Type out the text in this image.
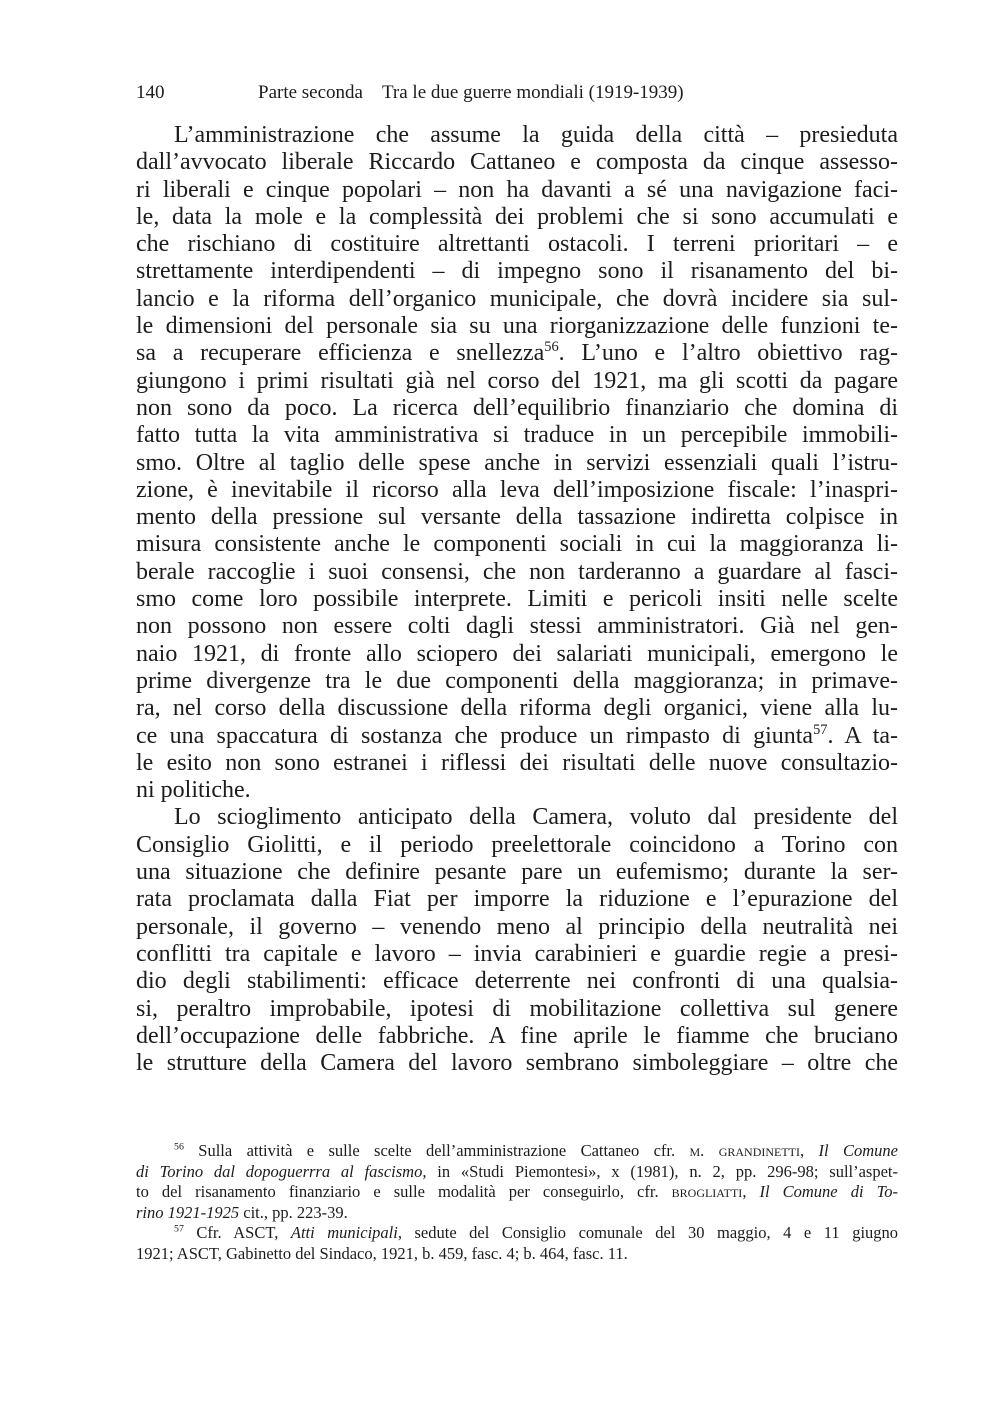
140	Parte seconda Tra le due guerre mondiali (1919-1939)
L’amministrazione che assume la guida della città – presieduta
dall’avvocato liberale Riccardo Cattaneo e composta da cinque assesso-
ri liberali e cinque popolari – non ha davanti a sé una navigazione faci-
le, data la mole e la complessità dei problemi che si sono accumulati e
che rischiano di costituire altrettanti ostacoli. I terreni prioritari – e
strettamente interdipendenti – di impegno sono il risanamento del bi-
lancio e la riforma dell’organico municipale, che dovrà incidere sia sul-
le dimensioni del personale sia su una riorganizzazione delle funzioni te-
sa a recuperare efficienza e snellezza$^{56}$. L’uno e l’altro obiettivo rag-
giungono i primi risultati già nel corso del 1921, ma gli scotti da pagare
non sono da poco. La ricerca dell’equilibrio finanziario che domina di
fatto tutta la vita amministrativa si traduce in un percepibile immobili-
smo. Oltre al taglio delle spese anche in servizi essenziali quali l’istru-
zione, è inevitabile il ricorso alla leva dell’imposizione fiscale: l’inaspri-
mento della pressione sul versante della tassazione indiretta colpisce in
misura consistente anche le componenti sociali in cui la maggioranza li-
berale raccoglie i suoi consensi, che non tarderanno a guardare al fasci-
smo come loro possibile interprete. Limiti e pericoli insiti nelle scelte
non possono non essere colti dagli stessi amministratori. Già nel gen-
naio 1921, di fronte allo sciopero dei salariati municipali, emergono le
prime divergenze tra le due componenti della maggioranza; in primave-
ra, nel corso della discussione della riforma degli organici, viene alla lu-
ce una spaccatura di sostanza che produce un rimpasto di giunta$^{57}$. A ta-
le esito non sono estranei i riflessi dei risultati delle nuove consultazio-
ni politiche.
Lo scioglimento anticipato della Camera, voluto dal presidente del
Consiglio Giolitti, e il periodo preelettorale coincidono a Torino con
una situazione che definire pesante pare un eufemismo; durante la ser-
rata proclamata dalla Fiat per imporre la riduzione e l’epurazione del
personale, il governo – venendo meno al principio della neutralità nei
conflitti tra capitale e lavoro – invia carabinieri e guardie regie a presi-
dio degli stabilimenti: efficace deterrente nei confronti di una qualsia-
si, peraltro improbabile, ipotesi di mobilitazione collettiva sul genere
dell’occupazione delle fabbriche. A fine aprile le fiamme che bruciano
le strutture della Camera del lavoro sembrano simboleggiare – oltre che
$^{56}$ Sulla attività e sulle scelte dell’amministrazione Cattaneo cfr. m. grandinetti, Il Comune
di Torino dal dopoguerrra al fascismo, in «Studi Piemontesi», x (1981), n. 2, pp. 296-98; sull’aspet-
to del risanamento finanziario e sulle modalità per conseguirlo, cfr. brogliatti, Il Comune di To-
rino 1921-1925 cit., pp. 223-39.
$^{57}$ Cfr. ASCT, Atti municipali, sedute del Consiglio comunale del 30 maggio, 4 e 11 giugno
1921; ASCT, Gabinetto del Sindaco, 1921, b. 459, fasc. 4; b. 464, fasc. 11.
